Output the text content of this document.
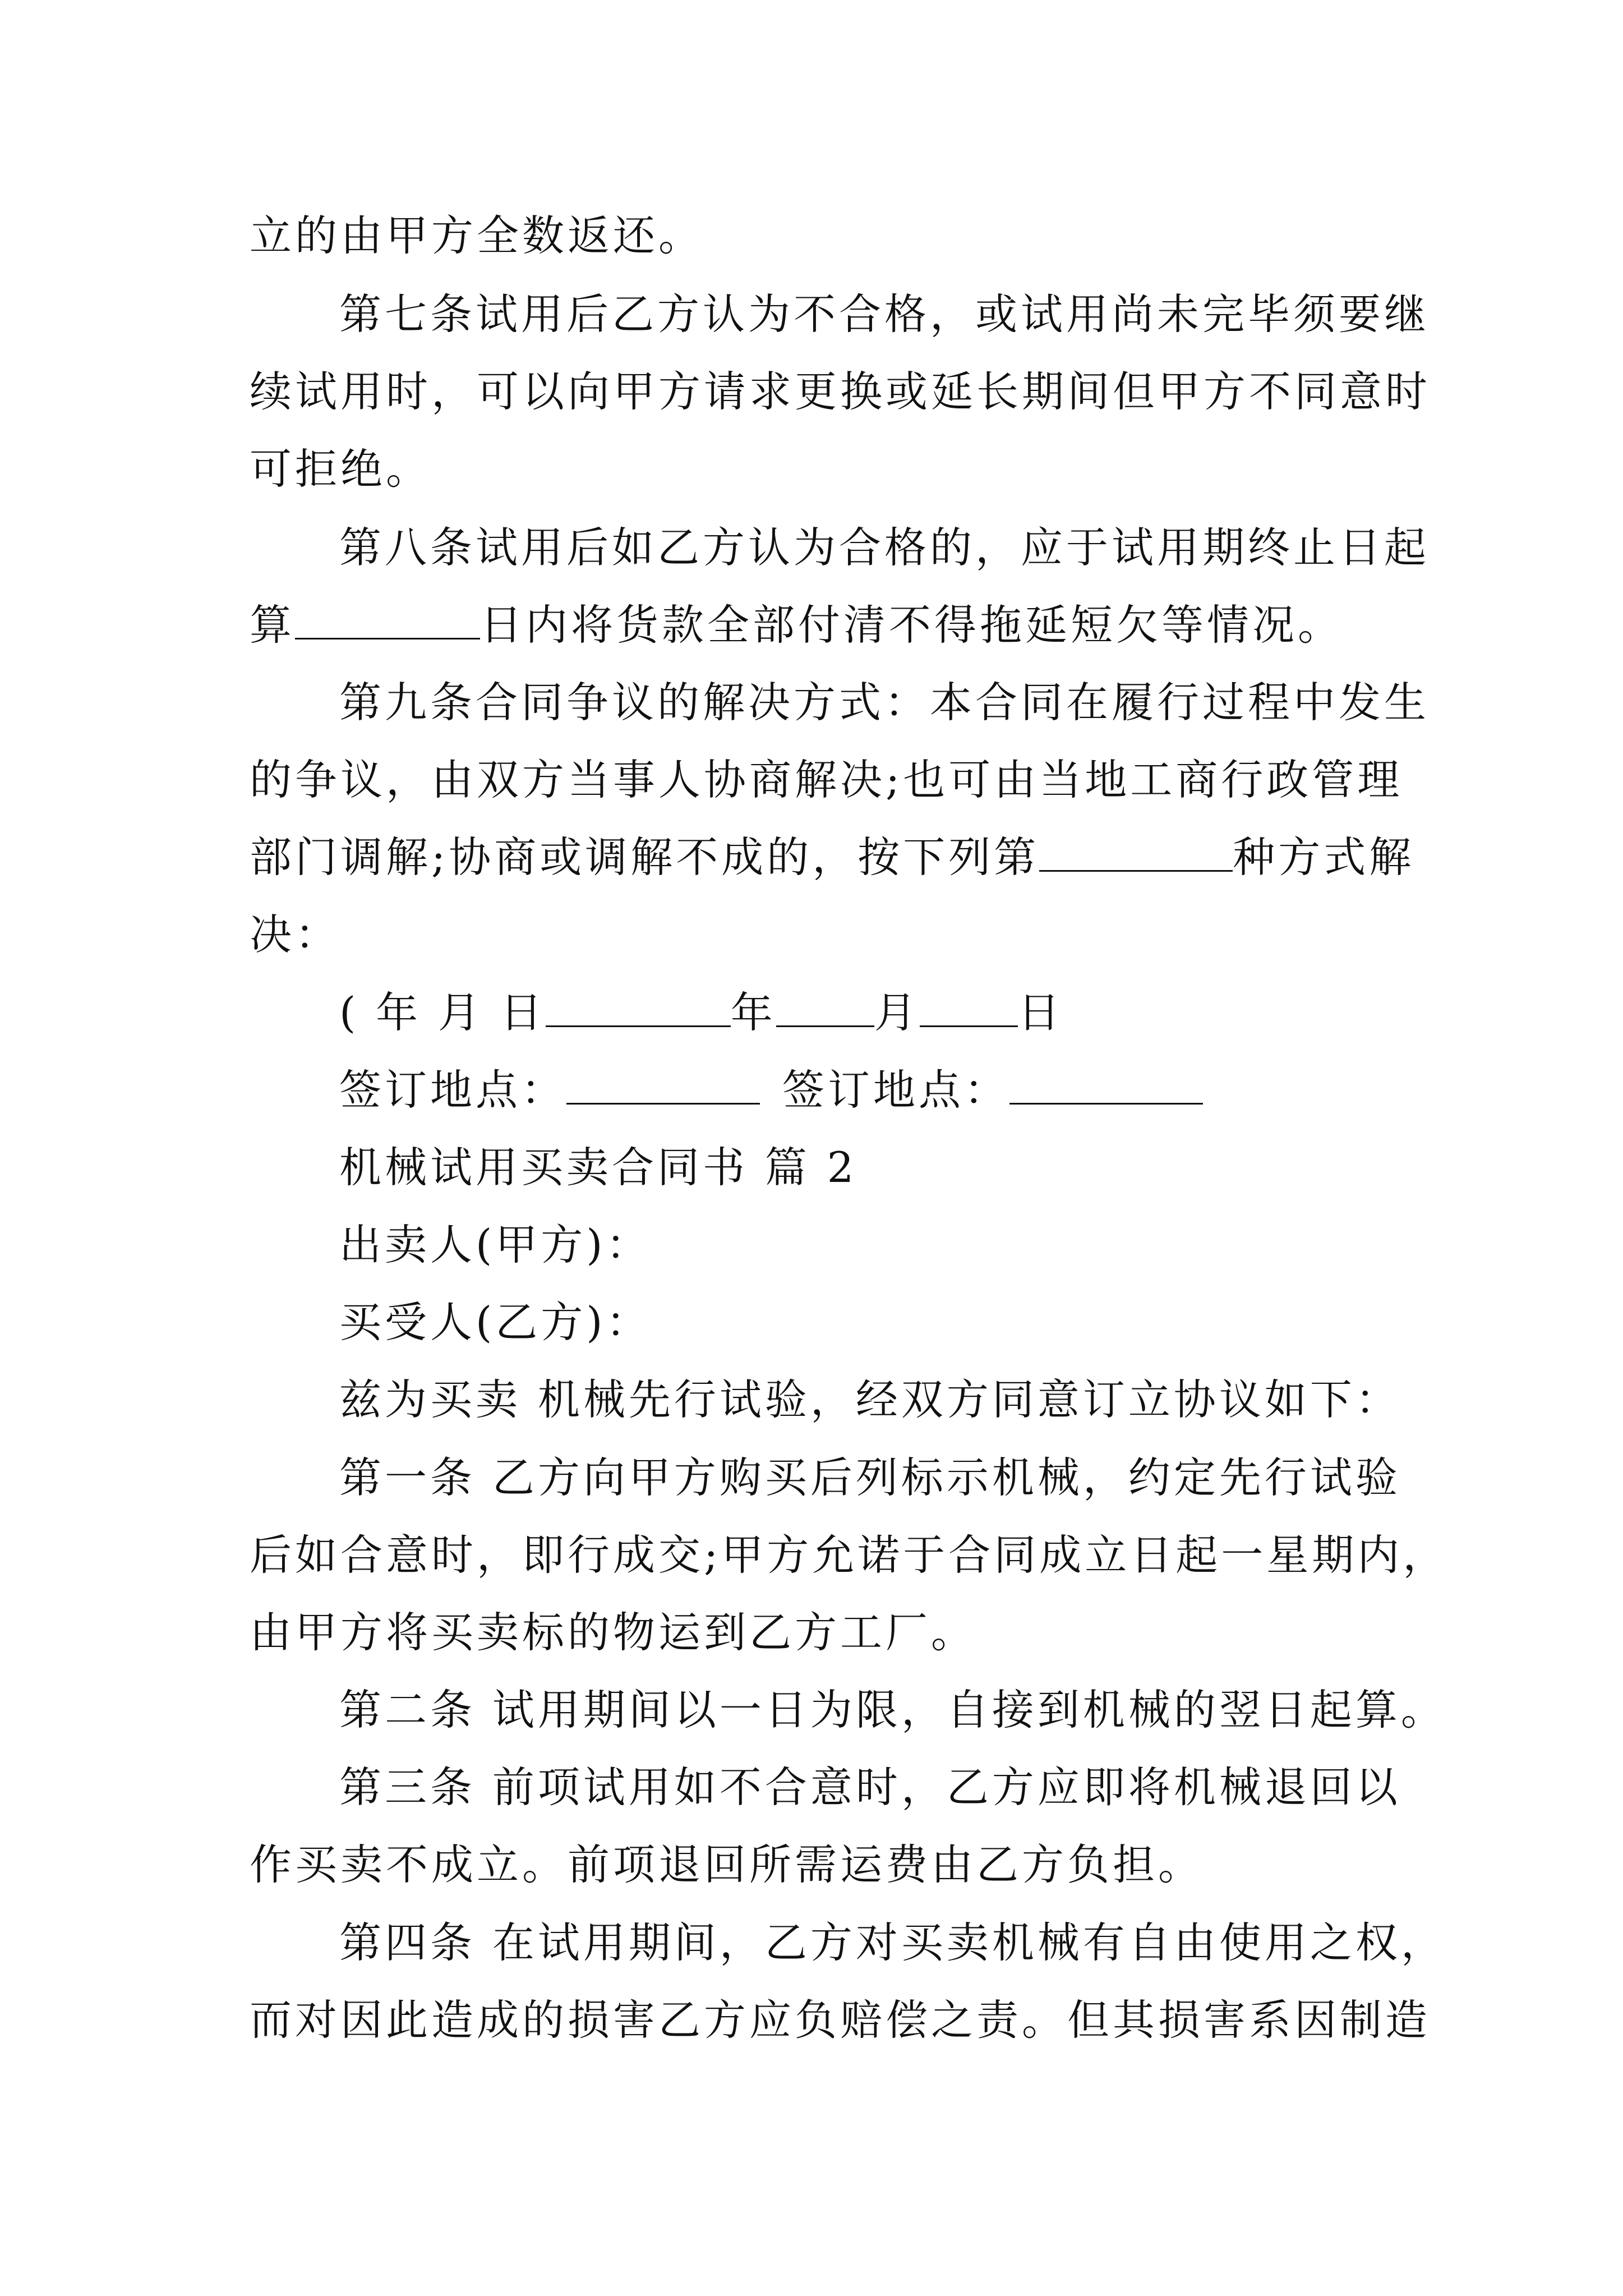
立的由甲方全数返还。
第七条试用后乙方认为不合格，或试用尚未完毕须要继
续试用时，可以向甲方请求更换或延长期间但甲方不同意时
可拒绝。
第八条试用后如乙方认为合格的，应于试用期终止日起
算	日内将货款全部付清不得拖延短欠等情况。
第九条合同争议的解决方式：本合同在履行过程中发生
的争议，由双方当事人协商解决;也可由当地工商行政管理
部门调解;协商或调解不成的，按下列第	种方式解
决：
( 年 月 日	年 月 日
签订地点：	签订地点：
机械试用买卖合同书 篇 2
出卖人(甲方)：
买受人(乙方)：
兹为买卖 机械先行试验，经双方同意订立协议如下：
第一条 乙方向甲方购买后列标示机械，约定先行试验
后如合意时，即行成交;甲方允诺于合同成立日起一星期内，
由甲方将买卖标的物运到乙方工厂。
第二条 试用期间以一日为限，自接到机械的翌日起算。
第三条 前项试用如不合意时，乙方应即将机械退回以
作买卖不成立。前项退回所需运费由乙方负担。
第四条 在试用期间，乙方对买卖机械有自由使用之权，
而对因此造成的损害乙方应负赔偿之责。但其损害系因制造
